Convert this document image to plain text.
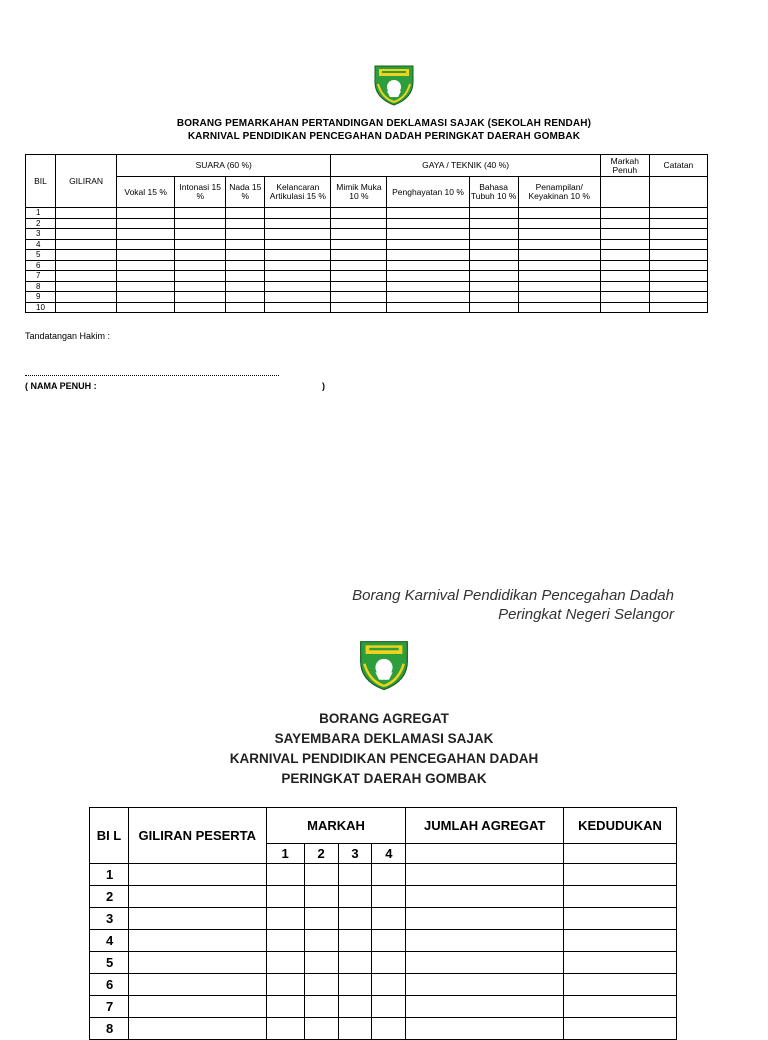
BORANG PEMARKAHAN PERTANDINGAN DEKLAMASI SAJAK (SEKOLAH RENDAH)
KARNIVAL PENDIDIKAN PENCEGAHAN DADAH PERINGKAT DAERAH GOMBAK
BIL	GILIRAN	SUARA (60 %)				GAYA / TEKNIK (40 %)				Markah Penuh	Catatan
		Vokal 15 %	Intonasi 15 %	Nada 15 %	Kelancaran Artikulasi 15 %	Mimik Muka 10 %	Penghayatan 10 %	Bahasa Tubuh 10 %	Penampilan/ Keyakinan 10 %		
1											
2											
3											
4											
5											
6											
7											
8											
9											
10											
Tandatangan Hakim :
( NAMA PENUH :	)
Borang Karnival Pendidikan Pencegahan Dadah
Peringkat Negeri Selangor
BORANG AGREGAT
SAYEMBARA DEKLAMASI SAJAK
KARNIVAL PENDIDIKAN PENCEGAHAN DADAH
PERINGKAT DAERAH GOMBAK
BI L	GILIRAN PESERTA	MARKAH				JUMLAH AGREGAT	KEDUDUKAN
		1	2	3	4		
1							
2							
3							
4							
5							
6							
7							
8							
